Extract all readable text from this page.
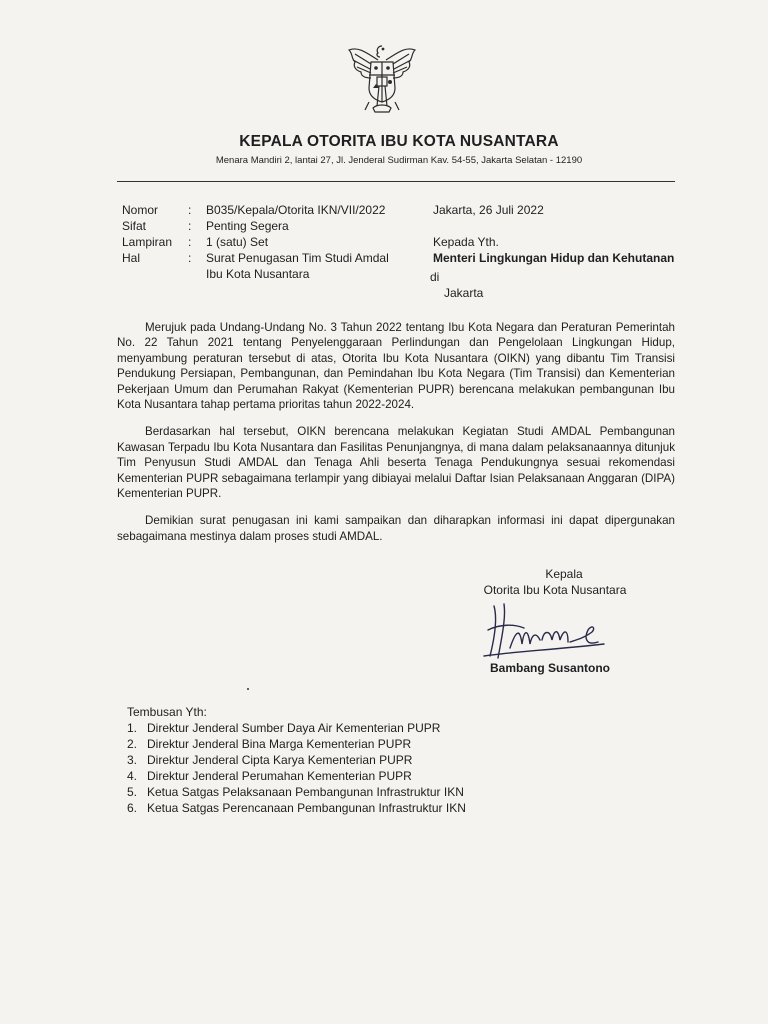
KEPALA OTORITA IBU KOTA NUSANTARA
Menara Mandiri 2, lantai 27, Jl. Jenderal Sudirman Kav. 54-55, Jakarta Selatan - 12190
Nomor	:	B035/Kepala/Otorita IKN/VII/2022
Sifat	:	Penting Segera
Lampiran	:	1 (satu) Set
Hal	:	Surat Penugasan Tim Studi Amdal Ibu Kota Nusantara
Jakarta, 26 Juli 2022
Kepada Yth.
Menteri Lingkungan Hidup dan Kehutanan
di
Jakarta

Merujuk pada Undang-Undang No. 3 Tahun 2022 tentang Ibu Kota Negara dan Peraturan Pemerintah No. 22 Tahun 2021 tentang Penyelenggaraan Perlindungan dan Pengelolaan Lingkungan Hidup, menyambung peraturan tersebut di atas, Otorita Ibu Kota Nusantara (OIKN) yang dibantu Tim Transisi Pendukung Persiapan, Pembangunan, dan Pemindahan Ibu Kota Negara (Tim Transisi) dan Kementerian Pekerjaan Umum dan Perumahan Rakyat (Kementerian PUPR) berencana melakukan pembangunan Ibu Kota Nusantara tahap pertama prioritas tahun 2022-2024.

Berdasarkan hal tersebut, OIKN berencana melakukan Kegiatan Studi AMDAL Pembangunan Kawasan Terpadu Ibu Kota Nusantara dan Fasilitas Penunjangnya, di mana dalam pelaksanaannya ditunjuk Tim Penyusun Studi AMDAL dan Tenaga Ahli beserta Tenaga Pendukungnya sesuai rekomendasi Kementerian PUPR sebagaimana terlampir yang dibiayai melalui Daftar Isian Pelaksanaan Anggaran (DIPA) Kementerian PUPR.

Demikian surat penugasan ini kami sampaikan dan diharapkan informasi ini dapat dipergunakan sebagaimana mestinya dalam proses studi AMDAL.

Kepala
Otorita Ibu Kota Nusantara
Bambang Susantono
Tembusan Yth:
1. Direktur Jenderal Sumber Daya Air Kementerian PUPR
2. Direktur Jenderal Bina Marga Kementerian PUPR
3. Direktur Jenderal Cipta Karya Kementerian PUPR
4. Direktur Jenderal Perumahan Kementerian PUPR
5. Ketua Satgas Pelaksanaan Pembangunan Infrastruktur IKN
6. Ketua Satgas Perencanaan Pembangunan Infrastruktur IKN
